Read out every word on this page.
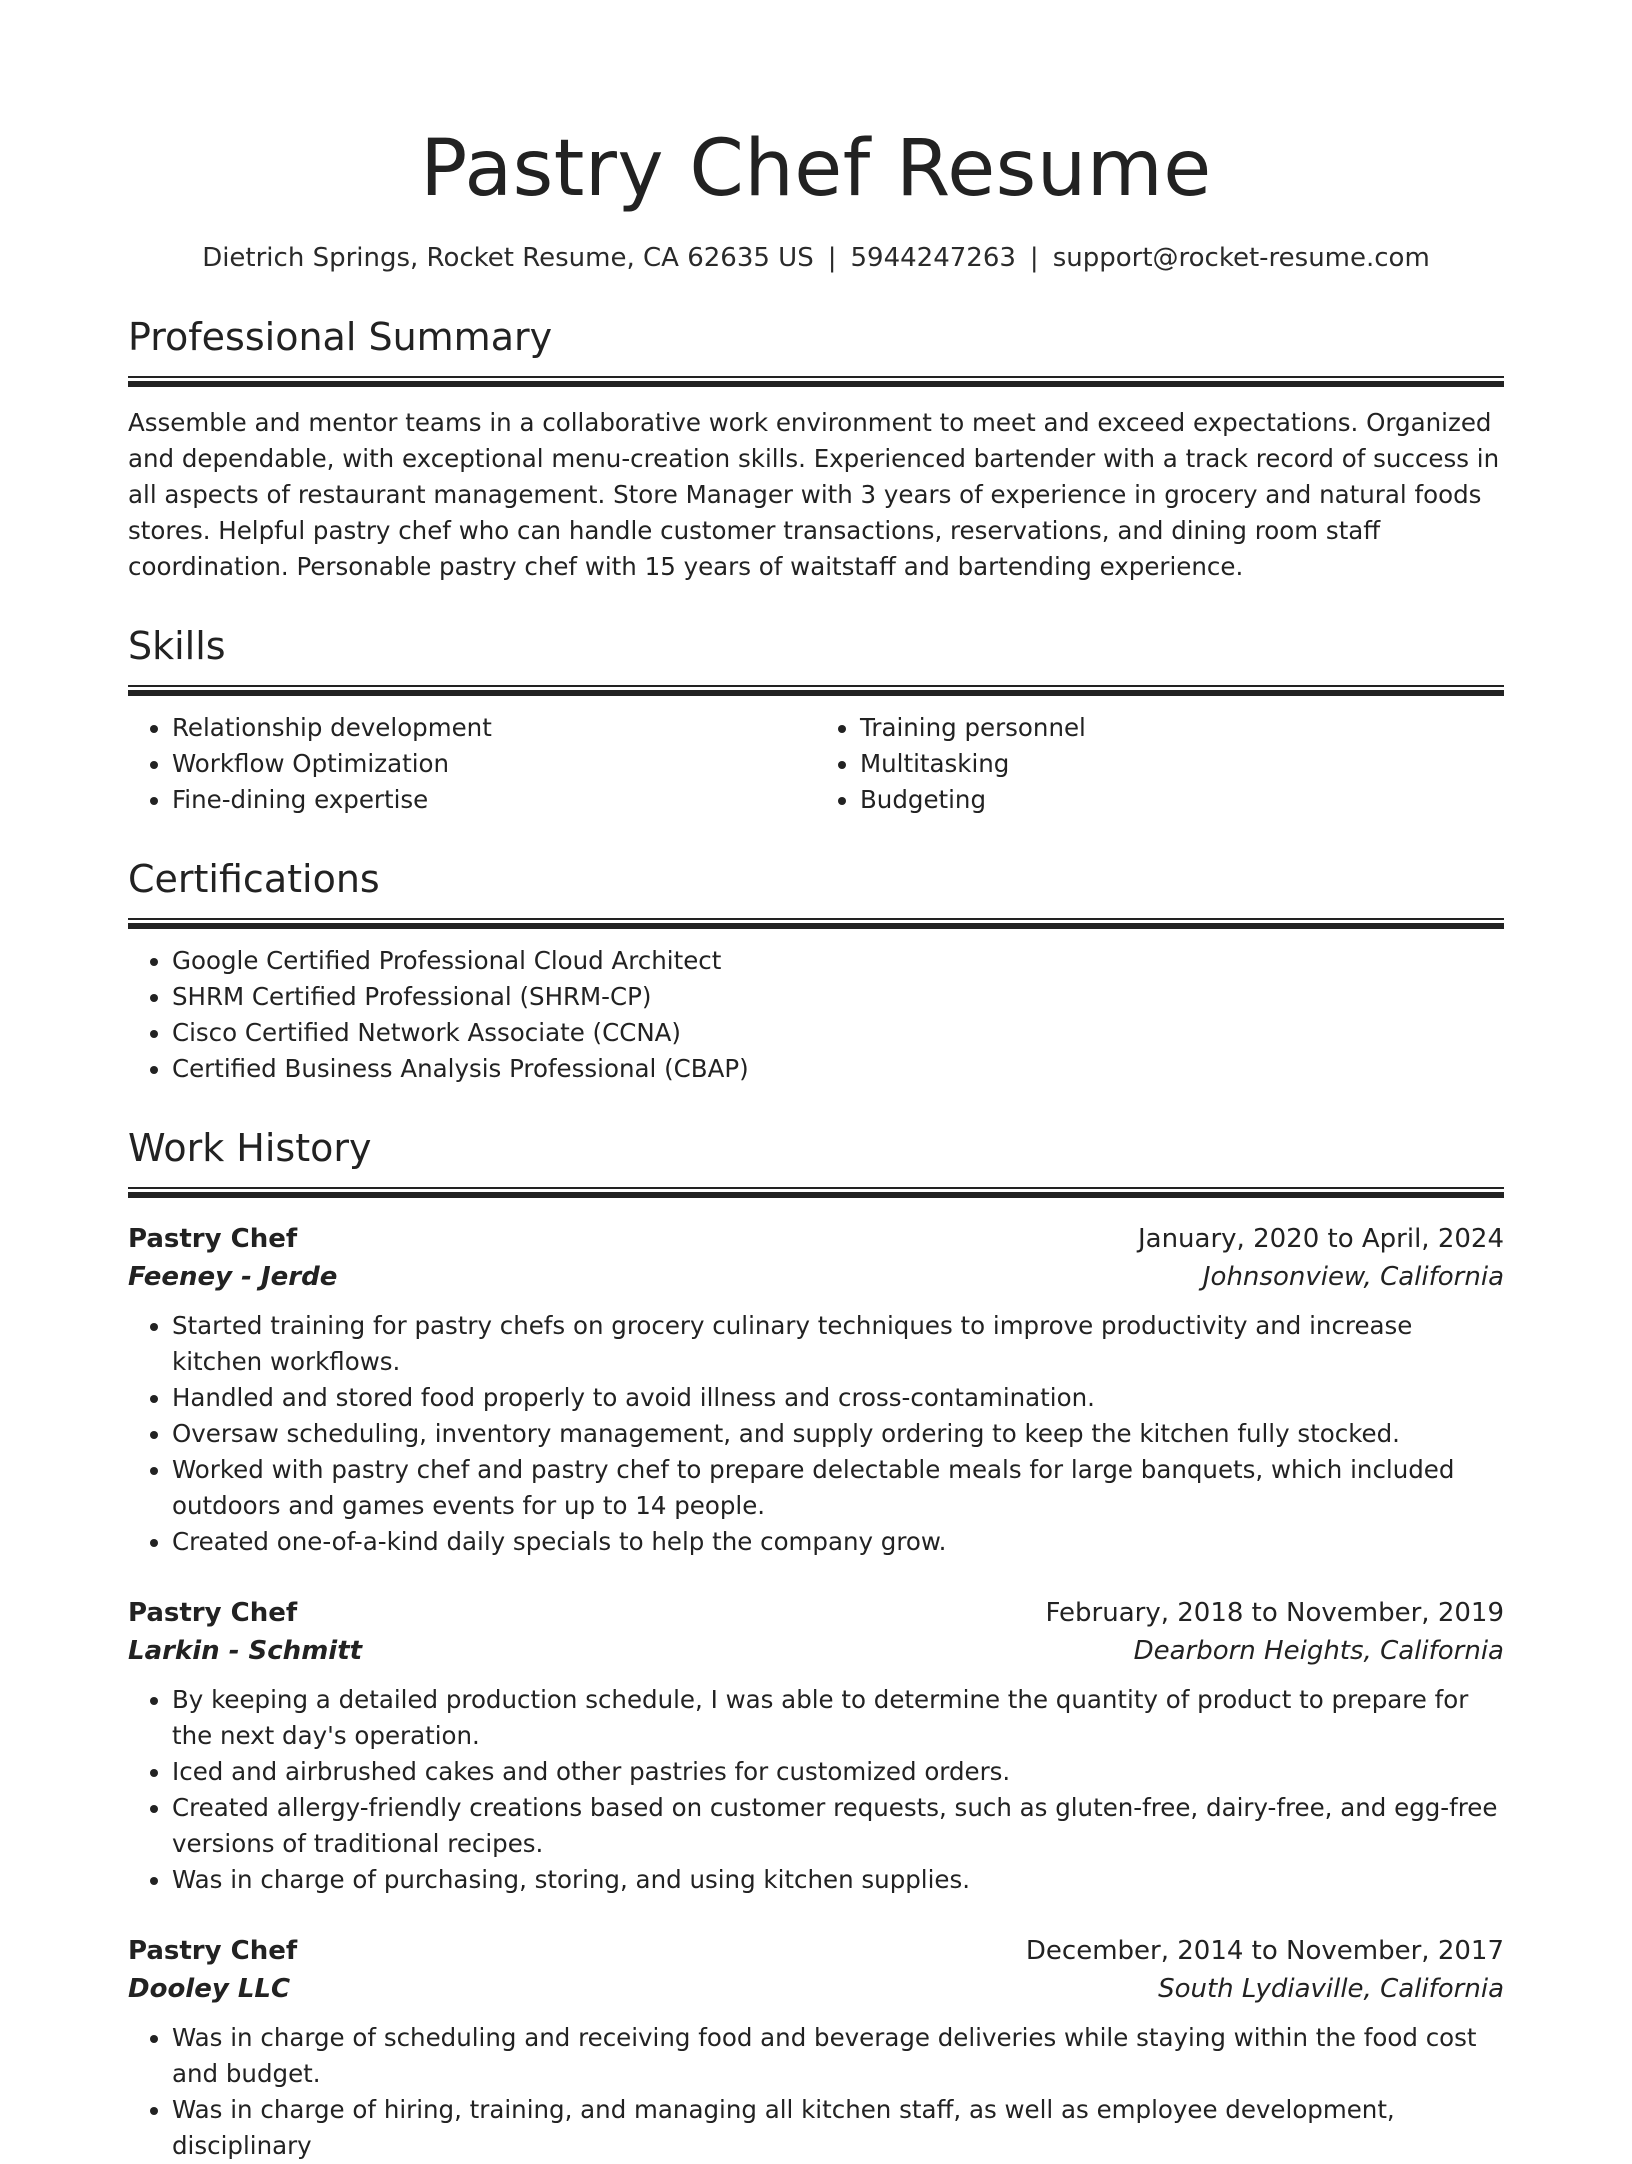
Pastry Chef Resume
Dietrich Springs, Rocket Resume, CA 62635 US | 5944247263 | support@rocket-resume.com
Professional Summary

Assemble and mentor teams in a collaborative work environment to meet and exceed expectations. Organized and dependable, with exceptional menu-creation skills. Experienced bartender with a track record of success in all aspects of restaurant management. Store Manager with 3 years of experience in grocery and natural foods stores. Helpful pastry chef who can handle customer transactions, reservations, and dining room staff coordination. Personable pastry chef with 15 years of waitstaff and bartending experience.

Skills
• Relationship development
• Workflow Optimization
• Fine-dining expertise
• Training personnel
• Multitasking
• Budgeting
Certifications
• Google Certified Professional Cloud Architect
• SHRM Certified Professional (SHRM-CP)
• Cisco Certified Network Associate (CCNA)
• Certified Business Analysis Professional (CBAP)
Work History
Pastry Chef	January, 2020 to April, 2024
Feeney - Jerde	Johnsonview, California
• Started training for pastry chefs on grocery culinary techniques to improve productivity and increase kitchen workflows.
• Handled and stored food properly to avoid illness and cross-contamination.
• Oversaw scheduling, inventory management, and supply ordering to keep the kitchen fully stocked.
• Worked with pastry chef and pastry chef to prepare delectable meals for large banquets, which included outdoors and games events for up to 14 people.
• Created one-of-a-kind daily specials to help the company grow.
Pastry Chef	February, 2018 to November, 2019
Larkin - Schmitt	Dearborn Heights, California
• By keeping a detailed production schedule, I was able to determine the quantity of product to prepare for the next day's operation.
• Iced and airbrushed cakes and other pastries for customized orders.
• Created allergy-friendly creations based on customer requests, such as gluten-free, dairy-free, and egg-free versions of traditional recipes.
• Was in charge of purchasing, storing, and using kitchen supplies.
Pastry Chef	December, 2014 to November, 2017
Dooley LLC	South Lydiaville, California
• Was in charge of scheduling and receiving food and beverage deliveries while staying within the food cost and budget.
• Was in charge of hiring, training, and managing all kitchen staff, as well as employee development, disciplinary
